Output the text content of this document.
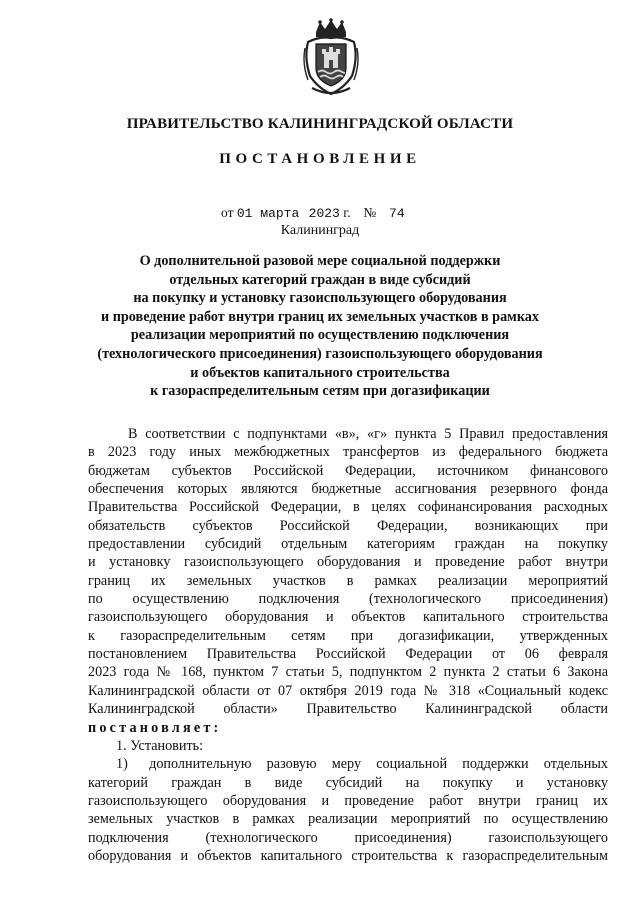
ПРАВИТЕЛЬСТВО КАЛИНИНГРАДСКОЙ ОБЛАСТИ
ПОСТАНОВЛЕНИЕ
от 01 марта 2023 г. № 74
Калининград
О дополнительной разовой мере социальной поддержки
отдельных категорий граждан в виде субсидий
на покупку и установку газоиспользующего оборудования
и проведение работ внутри границ их земельных участков в рамках
реализации мероприятий по осуществлению подключения
(технологического присоединения) газоиспользующего оборудования
и объектов капитального строительства
к газораспределительным сетям при догазификации
В соответствии с подпунктами «в», «г» пункта 5 Правил предоставления
в 2023 году иных межбюджетных трансфертов из федерального бюджета
бюджетам субъектов Российской Федерации, источником финансового
обеспечения которых являются бюджетные ассигнования резервного фонда
Правительства Российской Федерации, в целях софинансирования расходных
обязательств субъектов Российской Федерации, возникающих при
предоставлении субсидий отдельным категориям граждан на покупку
и установку газоиспользующего оборудования и проведение работ внутри
границ их земельных участков в рамках реализации мероприятий
по осуществлению подключения (технологического присоединения)
газоиспользующего оборудования и объектов капитального строительства
к газораспределительным сетям при догазификации, утвержденных
постановлением Правительства Российской Федерации от 06 февраля
2023 года № 168, пунктом 7 статьи 5, подпунктом 2 пункта 2 статьи 6 Закона
Калининградской области от 07 октября 2019 года № 318 «Социальный кодекс
Калининградской области» Правительство Калининградской области
постановляет:
1. Установить:
1)  дополнительную разовую меру социальной поддержки отдельных
категорий граждан в виде субсидий на покупку и установку
газоиспользующего оборудования и проведение работ внутри границ их
земельных участков в рамках реализации мероприятий по осуществлению
подключения (технологического присоединения) газоиспользующего
оборудования и объектов капитального строительства к газораспределительным
